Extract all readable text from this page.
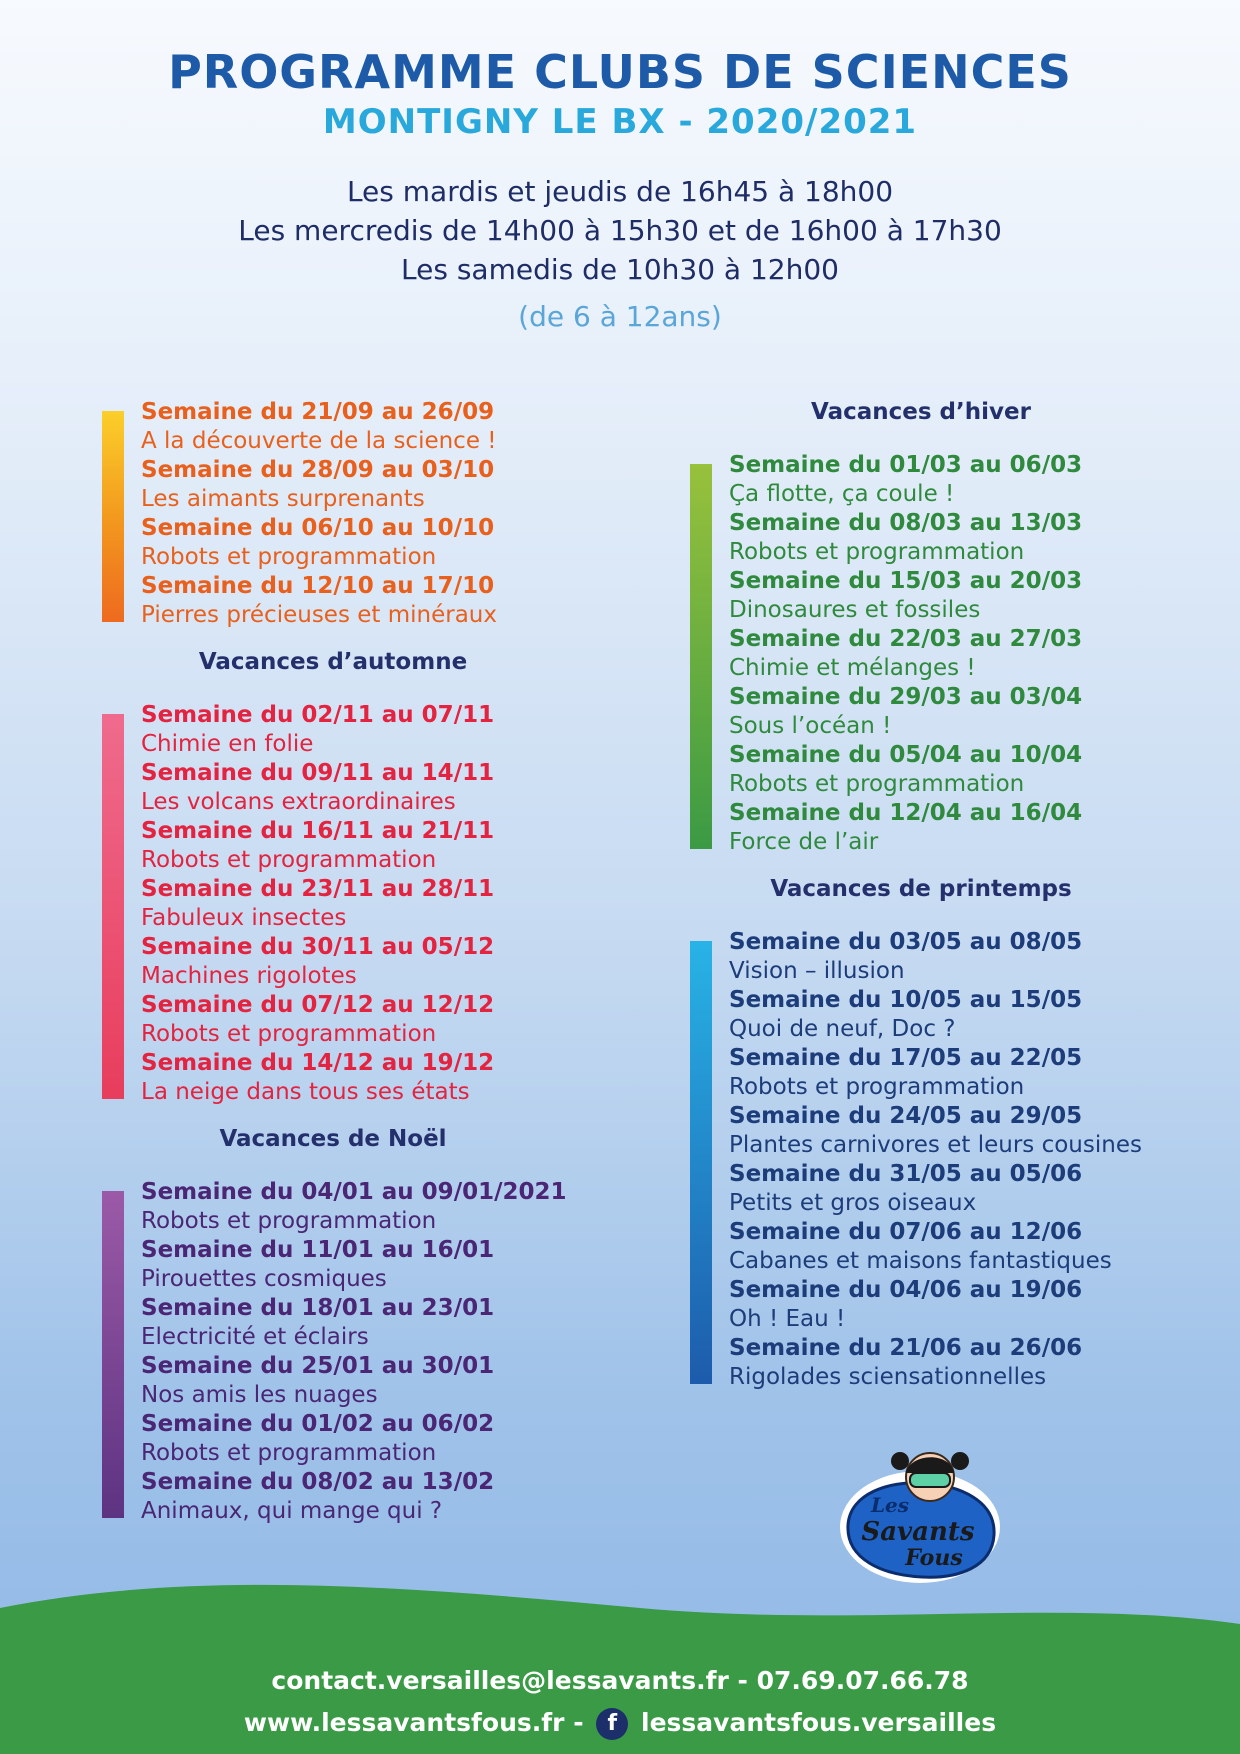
PROGRAMME CLUBS DE SCIENCES
MONTIGNY LE BX - 2020/2021
Les mardis et jeudis de 16h45 à 18h00
Les mercredis de 14h00 à 15h30 et de 16h00 à 17h30
Les samedis de 10h30 à 12h00
(de 6 à 12ans)
Semaine du 21/09 au 26/09
A la découverte de la science !
Semaine du 28/09 au 03/10
Les aimants surprenants
Semaine du 06/10 au 10/10
Robots et programmation
Semaine du 12/10 au 17/10
Pierres précieuses et minéraux
Vacances d’automne
Semaine du 02/11 au 07/11
Chimie en folie
Semaine du 09/11 au 14/11
Les volcans extraordinaires
Semaine du 16/11 au 21/11
Robots et programmation
Semaine du 23/11 au 28/11
Fabuleux insectes
Semaine du 30/11 au 05/12
Machines rigolotes
Semaine du 07/12 au 12/12
Robots et programmation
Semaine du 14/12 au 19/12
La neige dans tous ses états
Vacances de Noël
Semaine du 04/01 au 09/01/2021
Robots et programmation
Semaine du 11/01 au 16/01
Pirouettes cosmiques
Semaine du 18/01 au 23/01
Electricité et éclairs
Semaine du 25/01 au 30/01
Nos amis les nuages
Semaine du 01/02 au 06/02
Robots et programmation
Semaine du 08/02 au 13/02
Animaux, qui mange qui ?
Vacances d’hiver
Semaine du 01/03 au 06/03
Ça flotte, ça coule !
Semaine du 08/03 au 13/03
Robots et programmation
Semaine du 15/03 au 20/03
Dinosaures et fossiles
Semaine du 22/03 au 27/03
Chimie et mélanges !
Semaine du 29/03 au 03/04
Sous l’océan !
Semaine du 05/04 au 10/04
Robots et programmation
Semaine du 12/04 au 16/04
Force de l’air
Vacances de printemps
Semaine du 03/05 au 08/05
Vision – illusion
Semaine du 10/05 au 15/05
Quoi de neuf, Doc ?
Semaine du 17/05 au 22/05
Robots et programmation
Semaine du 24/05 au 29/05
Plantes carnivores et leurs cousines
Semaine du 31/05 au 05/06
Petits et gros oiseaux
Semaine du 07/06 au 12/06
Cabanes et maisons fantastiques
Semaine du 04/06 au 19/06
Oh ! Eau !
Semaine du 21/06 au 26/06
Rigolades sciensationnelles
Les
Savants
Fous
contact.versailles@lessavants.fr - 07.69.07.66.78
www.lessavantsfous.fr - f lessavantsfous.versailles
